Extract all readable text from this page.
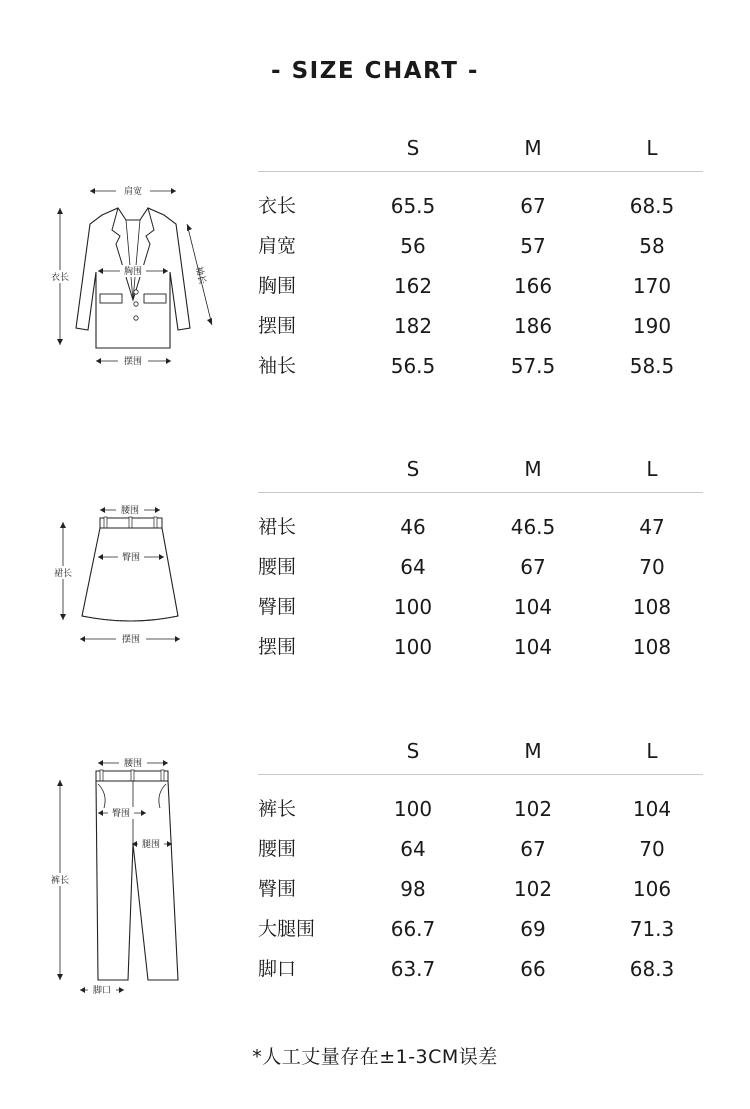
- SIZE CHART -
肩宽
衣长
胸围	袖长
摆围
S	M	L
衣长	65.5	67	68.5
肩宽	56	57	58
胸围	162	166	170
摆围	182	186	190
袖长	56.5	57.5	58.5
腰围
裙长
臀围
摆围
S	M	L
裙长	46	46.5	47
腰围	64	67	70
臀围	100	104	108
摆围	100	104	108
腰围
裤长
臀围
腿围
脚口
S	M	L
裤长	100	102	104
腰围	64	67	70
臀围	98	102	106
大腿围	66.7	69	71.3
脚口	63.7	66	68.3
*人工丈量存在±1-3CM误差
